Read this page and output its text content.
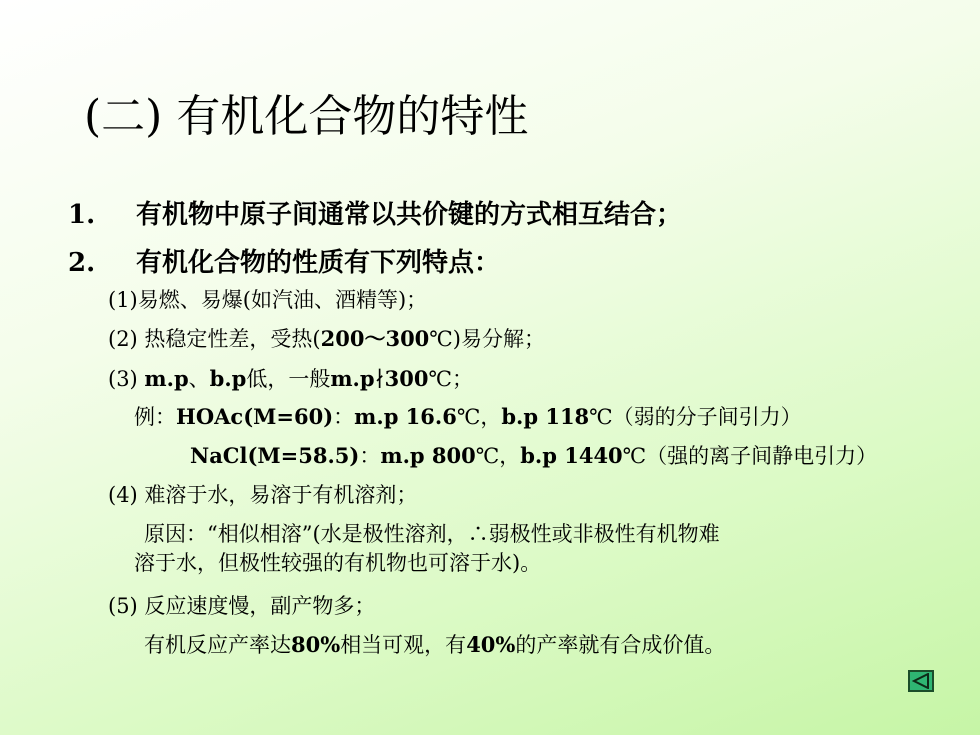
(二) 有机化合物的特性
1. 有机物中原子间通常以共价键的方式相互结合；
2. 有机化合物的性质有下列特点：
(1)易燃、易爆(如汽油、酒精等)；
(2) 热稳定性差，受热(200～300℃)易分解；
(3) m.p、b.p低，一般m.p∤300℃；
例：HOAc(M=60)：m.p 16.6℃，b.p 118℃（弱的分子间引力）
NaCl(M=58.5)：m.p 800℃，b.p 1440℃（强的离子间静电引力）
(4) 难溶于水，易溶于有机溶剂；
原因：“相似相溶”(水是极性溶剂，∴弱极性或非极性有机物难
溶于水，但极性较强的有机物也可溶于水)。
(5) 反应速度慢，副产物多；
有机反应产率达80%相当可观，有40%的产率就有合成价值。
